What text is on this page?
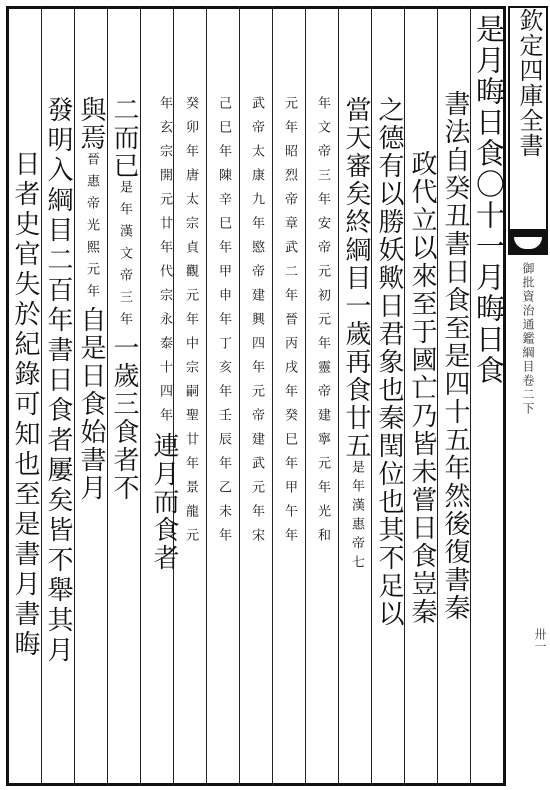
是月晦日食〇十一月晦日食
書法自癸丑書日食至是四十五年然後復書秦
政代立以來至于國亡乃皆未嘗日食豈秦
之德有以勝妖歟日君象也秦閏位也其不足以
當天審矣終綱目一歲再食廿五是年漢惠帝七
年文帝三年安帝元初元年靈帝建寧元年光和
元年昭烈帝章武二年晉丙戌年癸巳年甲午年
武帝太康九年愍帝建興四年元帝建武元年宋
己巳年陳辛巳年甲申年丁亥年壬辰年乙未年
癸卯年唐太宗貞觀元年中宗嗣聖廿年景龍元
年玄宗開元廿年代宗永泰十四年連月而食者
二而已是年漢文帝三年一歲三食者不
與焉晉惠帝光熙元年自是日食始書月
發明入綱目二百年書日食者屢矣皆不舉其月
日者史官失於紀錄可知也至是書月書晦
欽定四庫全書
御批資治通鑑綱目卷二下
卅一
